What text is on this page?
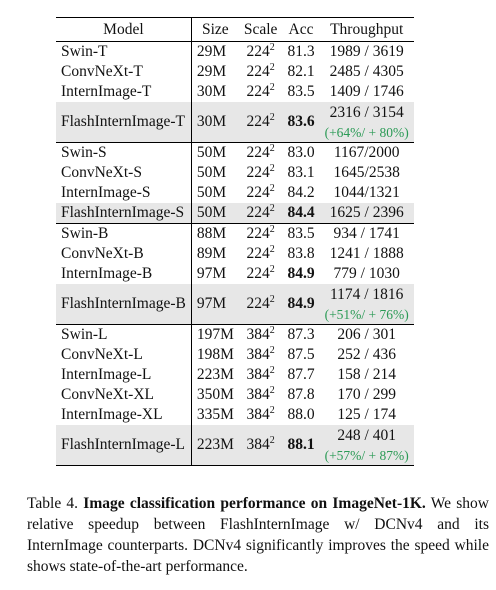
Model	Size	Scale	Acc	Throughput
Swin-T	29M	$224^2$	81.3	1989 / 3619

ConvNeXt-T	29M	$224^2$	82.1	2485 / 4305

InternImage-T	30M	$224^2$	83.5	1409 / 1746

FlashInternImage-T	30M	$224^2$	83.6	2316 / 3154
(+64%/ + 80%)

Swin-S	50M	$224^2$	83.0	1167/2000

ConvNeXt-S	50M	$224^2$	83.1	1645/2538

InternImage-S	50M	$224^2$	84.2	1044/1321

FlashInternImage-S	50M	$224^2$	84.4	1625 / 2396

Swin-B	88M	$224^2$	83.5	934 / 1741

ConvNeXt-B	89M	$224^2$	83.8	1241 / 1888

InternImage-B	97M	$224^2$	84.9	779 / 1030

FlashInternImage-B	97M	$224^2$	84.9	1174 / 1816
(+51%/ + 76%)

Swin-L	197M	$384^2$	87.3	206 / 301

ConvNeXt-L	198M	$384^2$	87.5	252 / 436

InternImage-L	223M	$384^2$	87.7	158 / 214

ConvNeXt-XL	350M	$384^2$	87.8	170 / 299

InternImage-XL	335M	$384^2$	88.0	125 / 174

FlashInternImage-L	223M	$384^2$	88.1	248 / 401
(+57%/ + 87%)
Table 4. Image classification performance on ImageNet-1K. We show relative speedup between FlashInternImage w/ DCNv4 and its InternImage counterparts. DCNv4 significantly improves the speed while shows state-of-the-art performance.
